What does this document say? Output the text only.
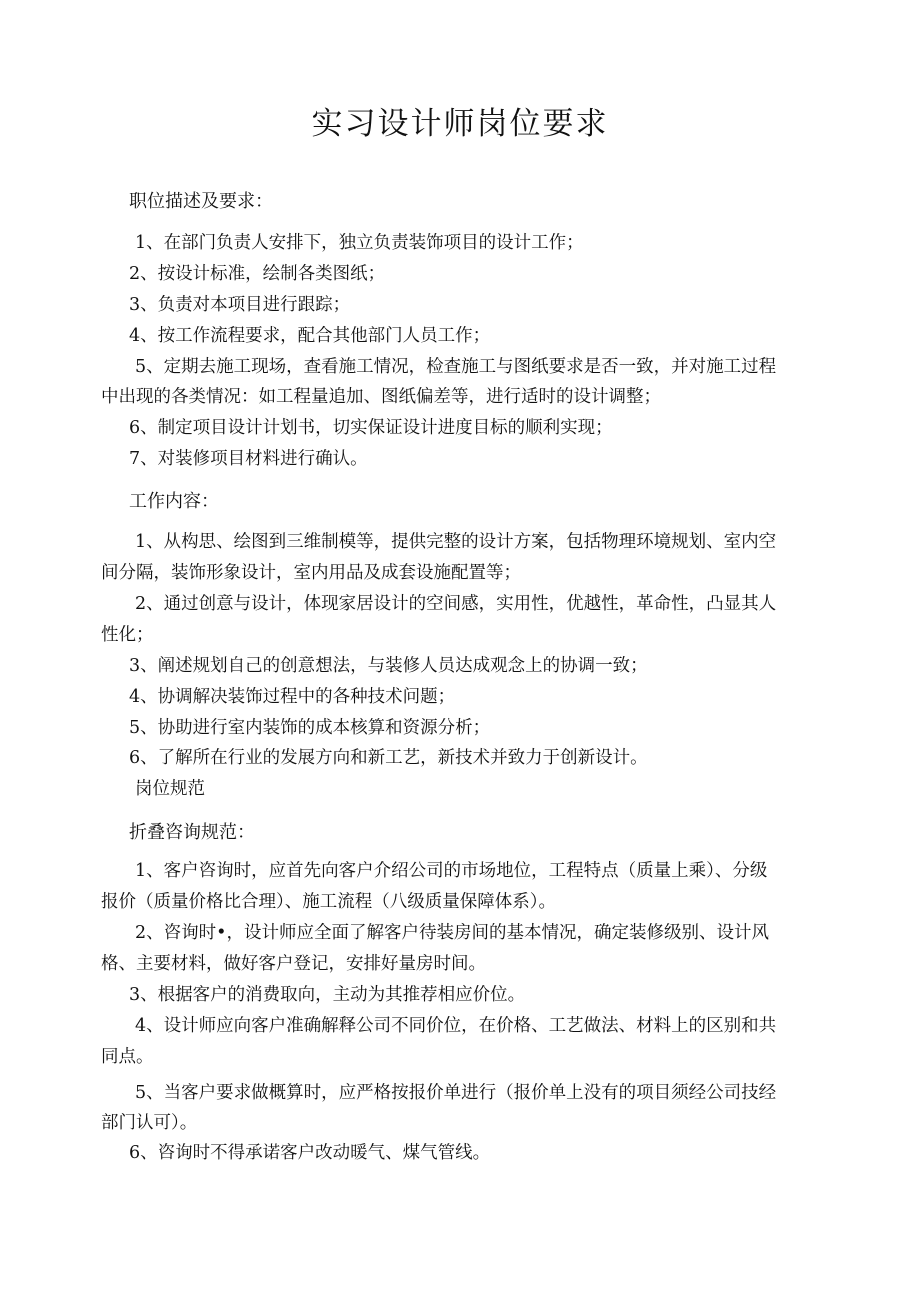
实习设计师岗位要求
职位描述及要求：
1、在部门负责人安排下，独立负责装饰项目的设计工作；
2、按设计标准，绘制各类图纸；
3、负责对本项目进行跟踪；
4、按工作流程要求，配合其他部门人员工作；
5、定期去施工现场，查看施工情况，检查施工与图纸要求是否一致，并对施工过程
中出现的各类情况：如工程量追加、图纸偏差等，进行适时的设计调整；
6、制定项目设计计划书，切实保证设计进度目标的顺利实现；
7、对装修项目材料进行确认。
工作内容：
1、从构思、绘图到三维制模等，提供完整的设计方案，包括物理环境规划、室内空
间分隔，装饰形象设计，室内用品及成套设施配置等；
2、通过创意与设计，体现家居设计的空间感，实用性，优越性，革命性，凸显其人
性化；
3、阐述规划自己的创意想法，与装修人员达成观念上的协调一致；
4、协调解决装饰过程中的各种技术问题；
5、协助进行室内装饰的成本核算和资源分析；
6、了解所在行业的发展方向和新工艺，新技术并致力于创新设计。
岗位规范
折叠咨询规范：
1、客户咨询时，应首先向客户介绍公司的市场地位，工程特点（质量上乘）、分级
报价（质量价格比合理）、施工流程（八级质量保障体系）。
2、咨询时•，设计师应全面了解客户待装房间的基本情况，确定装修级别、设计风
格、主要材料，做好客户登记，安排好量房时间。
3、根据客户的消费取向，主动为其推荐相应价位。
4、设计师应向客户准确解释公司不同价位，在价格、工艺做法、材料上的区别和共
同点。
5、当客户要求做概算时，应严格按报价单进行（报价单上没有的项目须经公司技经
部门认可）。
6、咨询时不得承诺客户改动暖气、煤气管线。
